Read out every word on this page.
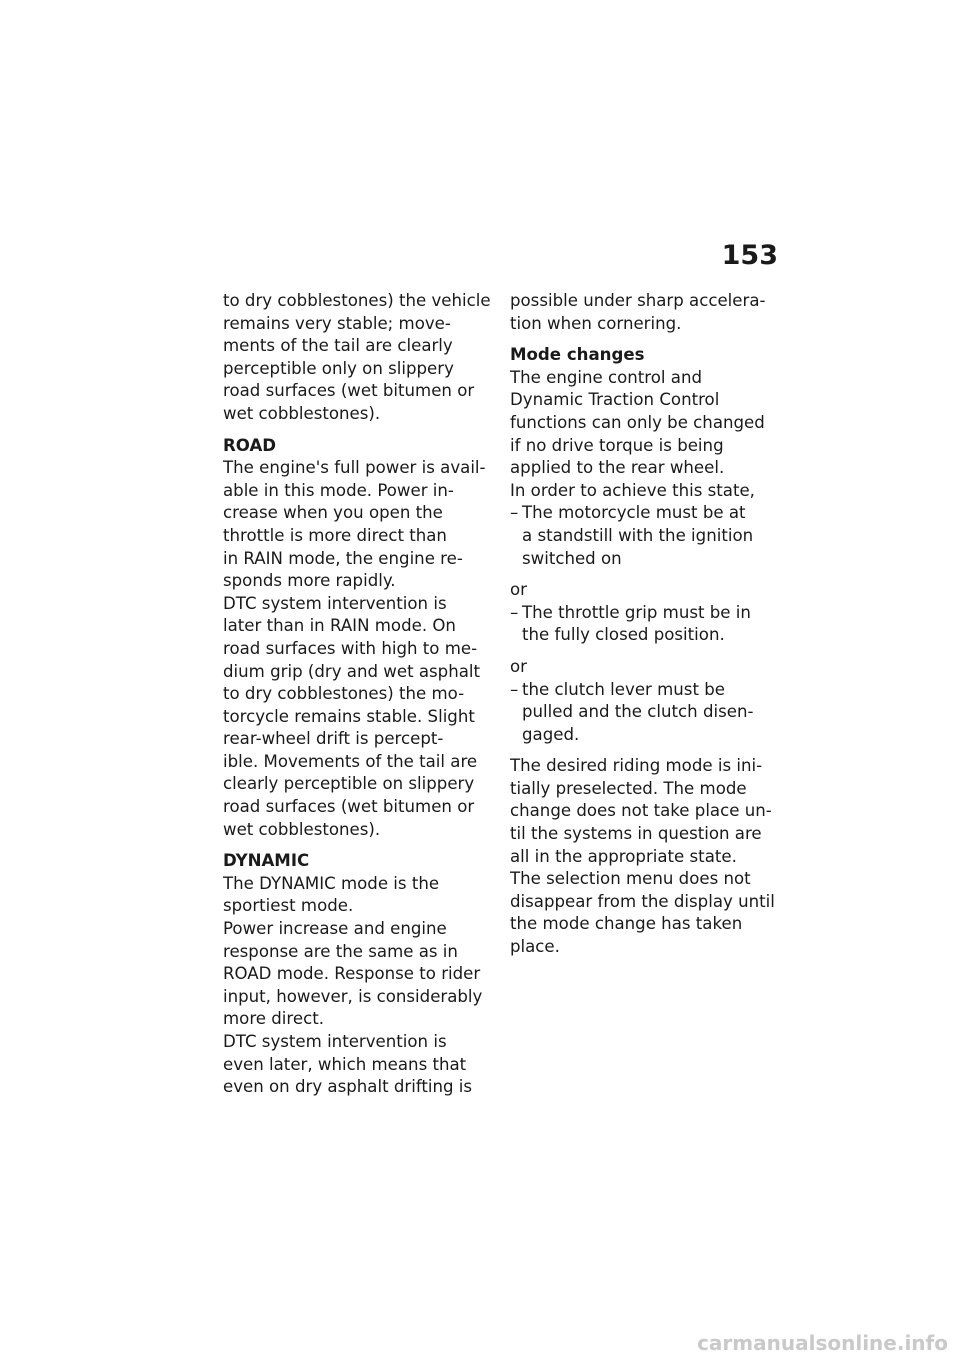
153

to dry cobblestones) the vehicle
remains very stable; move-
ments of the tail are clearly
perceptible only on slippery
road surfaces (wet bitumen or
wet cobblestones).

ROAD

The engine's full power is avail-
able in this mode. Power in-
crease when you open the
throttle is more direct than
in RAIN mode, the engine re-
sponds more rapidly.

DTC system intervention is
later than in RAIN mode. On
road surfaces with high to me-
dium grip (dry and wet asphalt
to dry cobblestones) the mo-
torcycle remains stable. Slight
rear-wheel drift is percept-
ible. Movements of the tail are
clearly perceptible on slippery
road surfaces (wet bitumen or
wet cobblestones).

DYNAMIC

The DYNAMIC mode is the
sportiest mode.

Power increase and engine
response are the same as in
ROAD mode. Response to rider
input, however, is considerably
more direct.

DTC system intervention is
even later, which means that
even on dry asphalt drifting is

possible under sharp accelera-
tion when cornering.

Mode changes

The engine control and
Dynamic Traction Control
functions can only be changed
if no drive torque is being
applied to the rear wheel.

In order to achieve this state,

– The motorcycle must be at
a standstill with the ignition
switched on

or

– The throttle grip must be in
the fully closed position.

or

– the clutch lever must be
pulled and the clutch disen-
gaged.

The desired riding mode is ini-
tially preselected. The mode
change does not take place un-
til the systems in question are
all in the appropriate state.

The selection menu does not
disappear from the display until
the mode change has taken
place.

carmanualsonline.info
